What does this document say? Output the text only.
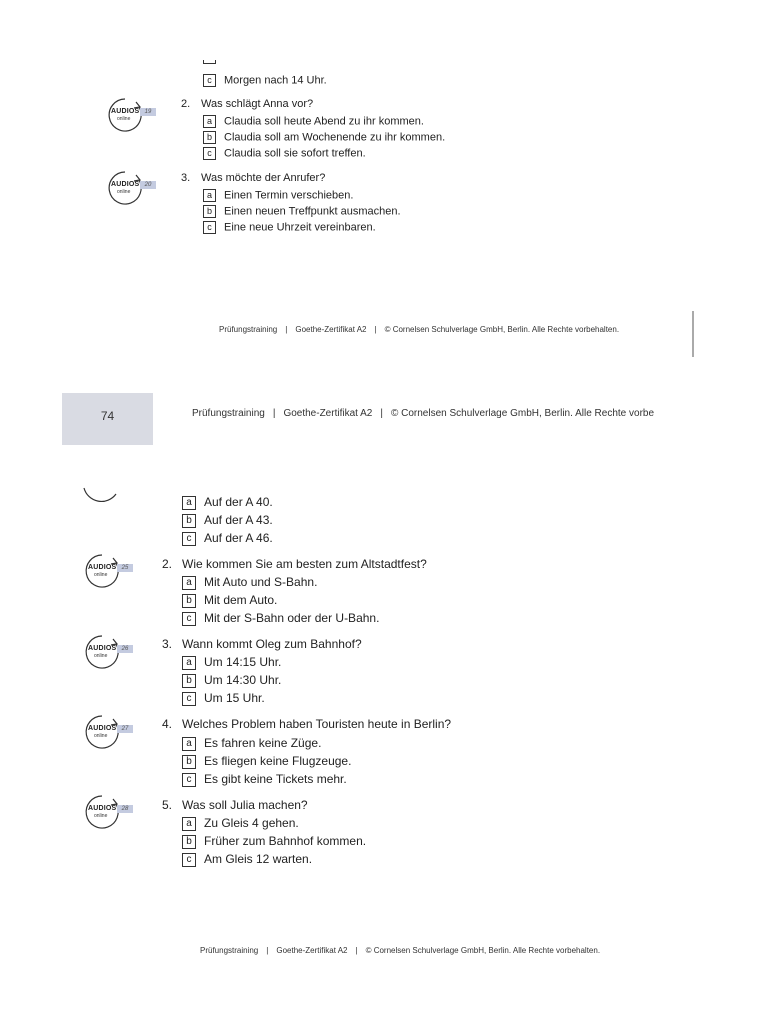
c Morgen nach 14 Uhr.
AUDIOS
online
19
2. Was schlägt Anna vor?
a Claudia soll heute Abend zu ihr kommen.
b Claudia soll am Wochenende zu ihr kommen.
c Claudia soll sie sofort treffen.
AUDIOS
online
20
3. Was möchte der Anrufer?
a Einen Termin verschieben.
b Einen neuen Treffpunkt ausmachen.
c Eine neue Uhrzeit vereinbaren.
Prüfungstraining | Goethe-Zertifikat A2 | © Cornelsen Schulverlage GmbH, Berlin. Alle Rechte vorbehalten.
74	Prüfungstraining | Goethe-Zertifikat A2 | © Cornelsen Schulverlage GmbH, Berlin. Alle Rechte vorbe
a Auf der A 40.
b Auf der A 43.
c Auf der A 46.
AUDIOS
online
25	2. Wie kommen Sie am besten zum Altstadtfest?
a Mit Auto und S-Bahn.
b Mit dem Auto.
c Mit der S-Bahn oder der U-Bahn.
AUDIOS
online
26	3. Wann kommt Oleg zum Bahnhof?
a Um 14:15 Uhr.
b Um 14:30 Uhr.
c Um 15 Uhr.
AUDIOS
online
27	4. Welches Problem haben Touristen heute in Berlin?
a Es fahren keine Züge.
b Es fliegen keine Flugzeuge.
c Es gibt keine Tickets mehr.
AUDIOS
online
28	5. Was soll Julia machen?
a Zu Gleis 4 gehen.
b Früher zum Bahnhof kommen.
c Am Gleis 12 warten.
Prüfungstraining | Goethe-Zertifikat A2 | © Cornelsen Schulverlage GmbH, Berlin. Alle Rechte vorbehalten.
